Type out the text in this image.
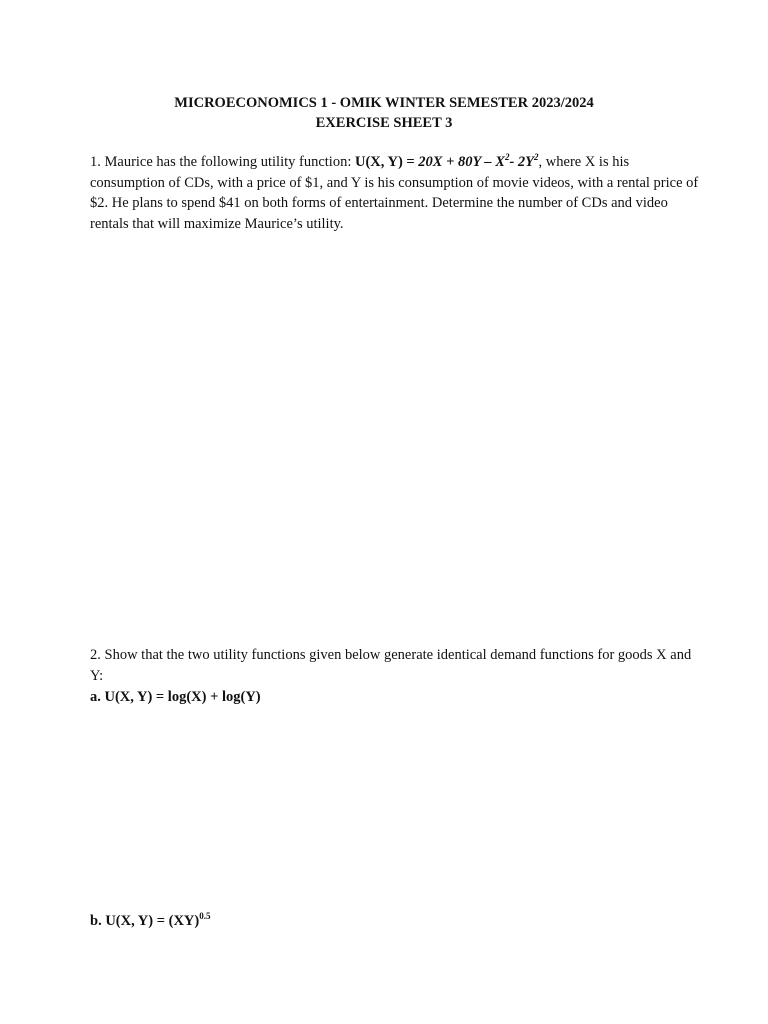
MICROECONOMICS 1 - OMIK WINTER SEMESTER 2023/2024
EXERCISE SHEET 3
1. Maurice has the following utility function: U(X, $Y) = 20X + 80Y - X^2-$ $2Y^2$, where X is his consumption of CDs, with a price of $1, and Y is his consumption of movie videos, with a rental price of $2. He plans to spend $41 on both forms of entertainment. Determine the number of CDs and video rentals that will maximize Maurice’s utility.
2. Show that the two utility functions given below generate identical demand functions for goods X and Y:
a. U(X, Y) = log(X) + log(Y)
b. U(X, Y) = (XY)$^{0.5}$
